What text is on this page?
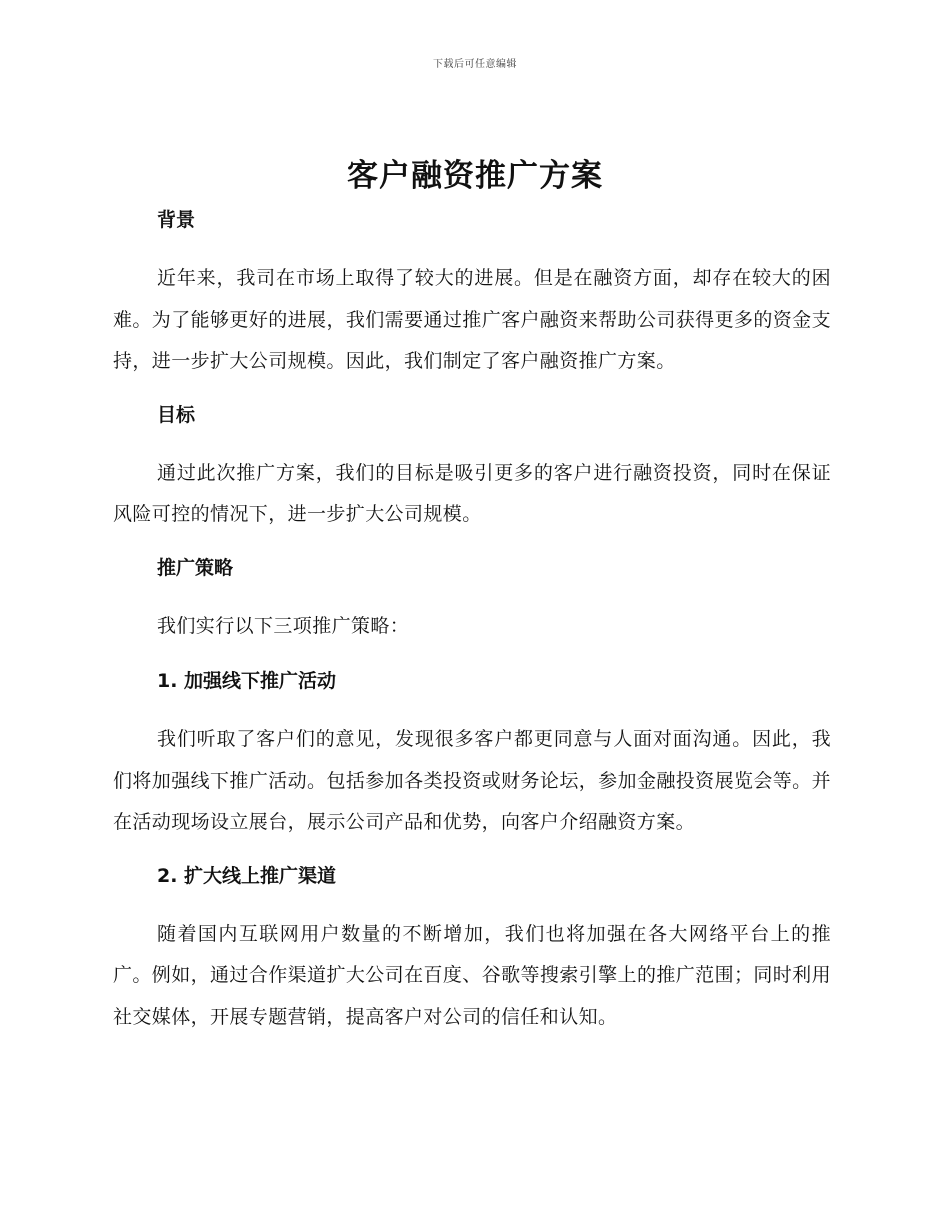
下载后可任意编辑
客户融资推广方案
背景

近年来，我司在市场上取得了较大的进展。但是在融资方面，却存在较大的困难。为了能够更好的进展，我们需要通过推广客户融资来帮助公司获得更多的资金支持，进一步扩大公司规模。因此，我们制定了客户融资推广方案。

目标

通过此次推广方案，我们的目标是吸引更多的客户进行融资投资，同时在保证风险可控的情况下，进一步扩大公司规模。

推广策略

我们实行以下三项推广策略：

1. 加强线下推广活动

我们听取了客户们的意见，发现很多客户都更同意与人面对面沟通。因此，我们将加强线下推广活动。包括参加各类投资或财务论坛，参加金融投资展览会等。并在活动现场设立展台，展示公司产品和优势，向客户介绍融资方案。

2. 扩大线上推广渠道

随着国内互联网用户数量的不断增加，我们也将加强在各大网络平台上的推广。例如，通过合作渠道扩大公司在百度、谷歌等搜索引擎上的推广范围；同时利用社交媒体，开展专题营销，提高客户对公司的信任和认知。
